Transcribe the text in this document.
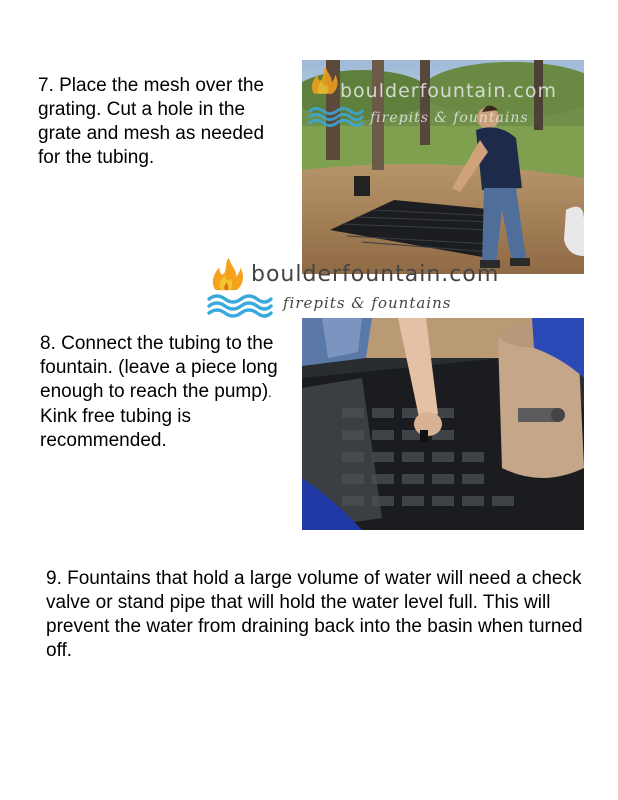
7. Place the mesh over the grating. Cut a hole in the grate and mesh as needed for the tubing.

boulderfountain.com
firepits & fountains
boulderfountain.com
firepits & fountains

8. Connect the tubing to the fountain. (leave a piece long enough to reach the pump). Kink free tubing is recommended.

9. Fountains that hold a large volume of water will need a check valve or stand pipe that will hold the water level full. This will prevent the water from draining back into the basin when turned off.
